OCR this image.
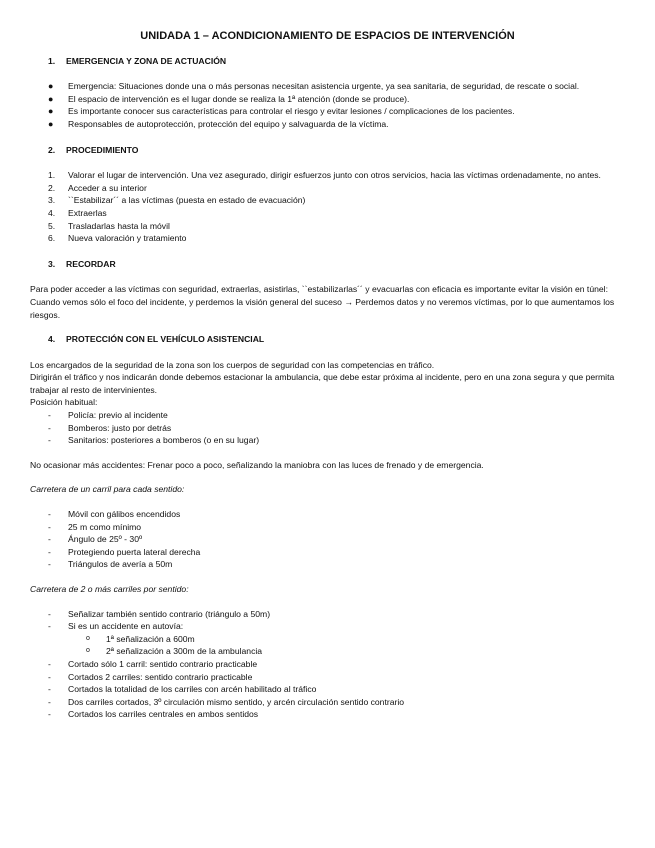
UNIDADA 1 – ACONDICIONAMIENTO DE ESPACIOS DE INTERVENCIÓN
1.	EMERGENCIA Y ZONA DE ACTUACIÓN
●	Emergencia: Situaciones donde una o más personas necesitan asistencia urgente, ya sea sanitaria, de seguridad, de rescate o social.
●	El espacio de intervención es el lugar donde se realiza la 1ª atención (donde se produce).
●	Es importante conocer sus características para controlar el riesgo y evitar lesiones / complicaciones de los pacientes.
●	Responsables de autoprotección, protección del equipo y salvaguarda de la víctima.
2.	PROCEDIMIENTO
1.	Valorar el lugar de intervención. Una vez asegurado, dirigir esfuerzos junto con otros servicios, hacia las víctimas ordenadamente, no antes.
2.	Acceder a su interior
3.	``Estabilizar´´ a las víctimas (puesta en estado de evacuación)
4.	Extraerlas
5.	Trasladarlas hasta la móvil
6.	Nueva valoración y tratamiento
3.	RECORDAR

Para poder acceder a las víctimas con seguridad, extraerlas, asistirlas, ``estabilizarlas´´ y evacuarlas con eficacia es importante evitar la visión en túnel: Cuando vemos sólo el foco del incidente, y perdemos la visión general del suceso → Perdemos datos y no veremos víctimas, por lo que aumentamos los riesgos.

4.	PROTECCIÓN CON EL VEHÍCULO ASISTENCIAL

Los encargados de la seguridad de la zona son los cuerpos de seguridad con las competencias en tráfico.

Dirigirán el tráfico y nos indicarán donde debemos estacionar la ambulancia, que debe estar próxima al incidente, pero en una zona segura y que permita trabajar al resto de intervinientes.

Posición habitual:

-	Policía: previo al incidente
-	Bomberos: justo por detrás
-	Sanitarios: posteriores a bomberos (o en su lugar)

No ocasionar más accidentes: Frenar poco a poco, señalizando la maniobra con las luces de frenado y de emergencia.

Carretera de un carril para cada sentido:

-	Móvil con gálibos encendidos
-	25 m como mínimo
-	Ángulo de 25º - 30º
-	Protegiendo puerta lateral derecha
-	Triángulos de avería a 50m

Carretera de 2 o más carriles por sentido:

-	Señalizar también sentido contrario (triángulo a 50m)
-	Si es un accidente en autovía:
o	1ª señalización a 600m
o	2ª señalización a 300m de la ambulancia
-	Cortado sólo 1 carril: sentido contrario practicable
-	Cortados 2 carriles: sentido contrario practicable
-	Cortados la totalidad de los carriles con arcén habilitado al tráfico
-	Dos carriles cortados, 3º circulación mismo sentido, y arcén circulación sentido contrario
-	Cortados los carriles centrales en ambos sentidos
